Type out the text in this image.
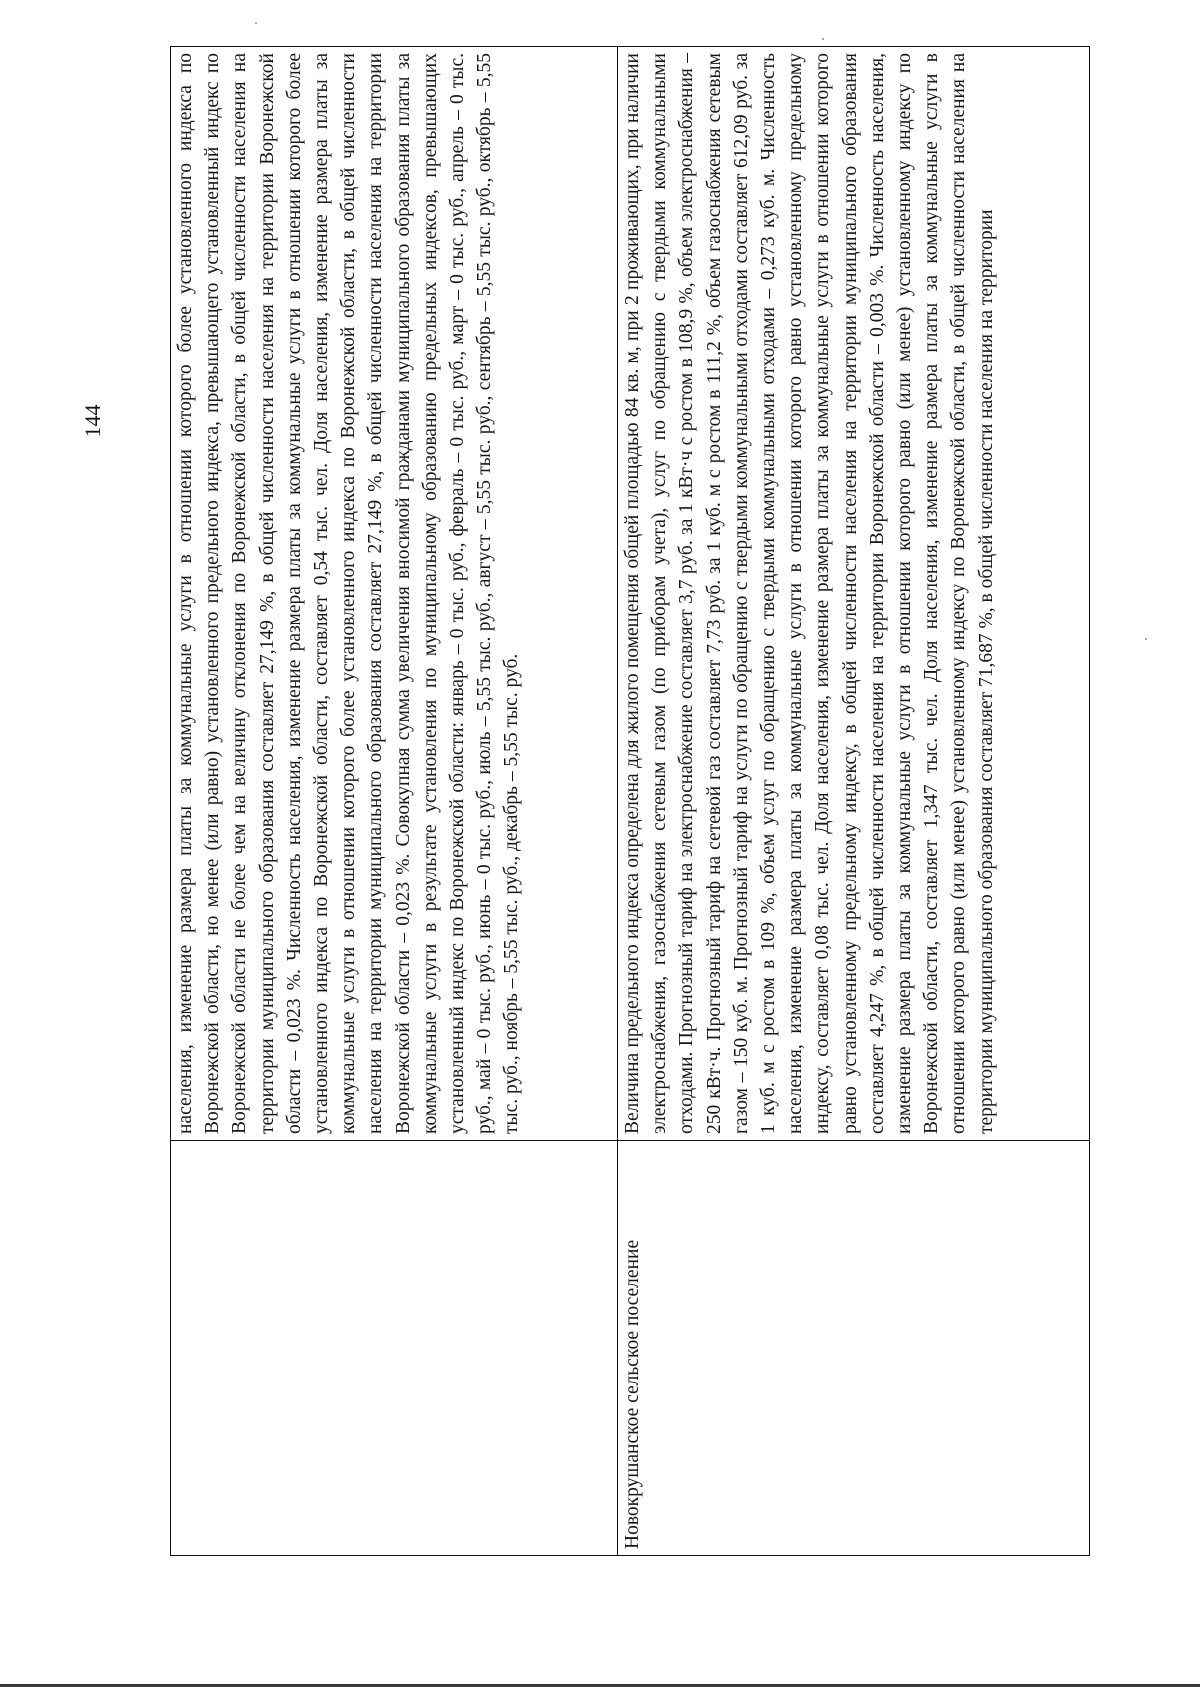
144	населения, изменение размера платы за коммунальные услуги в отношении которого более установленного индекса по Воронежской области, но менее (или равно) установленного предельного индекса, превышающего установленный индекс по Воронежской области не более чем на величину отклонения по Воронежской области, в общей численности населения на территории муниципального образования составляет 27,149 %, в общей численности населения на территории Воронежской области – 0,023 %. Численность населения, изменение размера платы за коммунальные услуги в отношении которого более установленного индекса по Воронежской области, составляет 0,54 тыс. чел. Доля населения, изменение размера платы за коммунальные услуги в отношении которого более установленного индекса по Воронежской области, в общей численности населения на территории муниципального образования составляет 27,149 %, в общей численности населения на территории Воронежской области – 0,023 %. Совокупная сумма увеличения вносимой гражданами муниципального образования платы за коммунальные услуги в результате установления по муниципальному образованию предельных индексов, превышающих установленный индекс по Воронежской области: январь – 0 тыс. руб., февраль – 0 тыс. руб., март – 0 тыс. руб., апрель – 0 тыс. руб., май – 0 тыс. руб., июнь – 0 тыс. руб., июль – 5,55 тыс. руб., август – 5,55 тыс. руб., сентябрь – 5,55 тыс. руб., октябрь – 5,55 тыс. руб., ноябрь – 5,55 тыс. руб., декабрь – 5,55 тыс. руб.
Новокрушанское сельское поселение
Величина предельного индекса определена для жилого помещения общей площадью 84 кв. м, при 2 проживающих, при наличии электроснабжения, газоснабжения сетевым газом (по приборам учета), услуг по обращению с твердыми коммунальными отходами. Прогнозный тариф на электроснабжение составляет 3,7 руб. за 1 кВт·ч с ростом в 108,9 %, объем электроснабжения – 250 кВт·ч. Прогнозный тариф на сетевой газ составляет 7,73 руб. за 1 куб. м с ростом в 111,2 %, объем газоснабжения сетевым газом – 150 куб. м. Прогнозный тариф на услуги по обращению с твердыми коммунальными отходами составляет 612,09 руб. за 1 куб. м с ростом в 109 %, объем услуг по обращению с твердыми коммунальными отходами – 0,273 куб. м. Численность населения, изменение размера платы за коммунальные услуги в отношении которого равно установленному предельному индексу, составляет 0,08 тыс. чел. Доля населения, изменение размера платы за коммунальные услуги в отношении которого равно установленному предельному индексу, в общей численности населения на территории муниципального образования составляет 4,247 %, в общей численности населения на территории Воронежской области – 0,003 %. Численность населения, изменение размера платы за коммунальные услуги в отношении которого равно (или менее) установленному индексу по Воронежской области, составляет 1,347 тыс. чел. Доля населения, изменение размера платы за коммунальные услуги в отношении которого равно (или менее) установленному индексу по Воронежской области, в общей численности населения на территории муниципального образования составляет 71,687 %, в общей численности населения на территории
